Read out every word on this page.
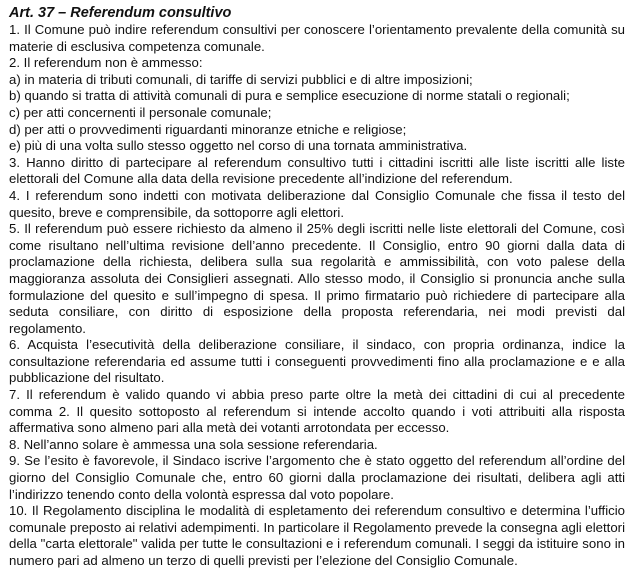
Art. 37 – Referendum consultivo

1. Il Comune può indire referendum consultivi per conoscere l’orientamento prevalente della comunità su materie di esclusiva competenza comunale.

2. Il referendum non è ammesso:

a) in materia di tributi comunali, di tariffe di servizi pubblici e di altre imposizioni;

b) quando si tratta di attività comunali di pura e semplice esecuzione di norme statali o regionali;

c) per atti concernenti il personale comunale;

d) per atti o provvedimenti riguardanti minoranze etniche e religiose;

e) più di una volta sullo stesso oggetto nel corso di una tornata amministrativa.

3. Hanno diritto di partecipare al referendum consultivo tutti i cittadini iscritti alle liste iscritti alle liste elettorali del Comune alla data della revisione precedente all’indizione del referendum.

4. I referendum sono indetti con motivata deliberazione dal Consiglio Comunale che fissa il testo del quesito, breve e comprensibile, da sottoporre agli elettori.

5. Il referendum può essere richiesto da almeno il 25% degli iscritti nelle liste elettorali del Comune, così come risultano nell’ultima revisione dell’anno precedente. Il Consiglio, entro 90 giorni dalla data di proclamazione della richiesta, delibera sulla sua regolarità e ammissibilità, con voto palese della maggioranza assoluta dei Consiglieri assegnati. Allo stesso modo, il Consiglio si pronuncia anche sulla formulazione del quesito e sull’impegno di spesa. Il primo firmatario può richiedere di partecipare alla seduta consiliare, con diritto di esposizione della proposta referendaria, nei modi previsti dal regolamento.

6. Acquista l’esecutività della deliberazione consiliare, il sindaco, con propria ordinanza, indice la consultazione referendaria ed assume tutti i conseguenti provvedimenti fino alla proclamazione e e alla pubblicazione del risultato.

7. Il referendum è valido quando vi abbia preso parte oltre la metà dei cittadini di cui al precedente comma 2. Il quesito sottoposto al referendum si intende accolto quando i voti attribuiti alla risposta affermativa sono almeno pari alla metà dei votanti arrotondata per eccesso.

8. Nell’anno solare è ammessa una sola sessione referendaria.

9. Se l’esito è favorevole, il Sindaco iscrive l’argomento che è stato oggetto del referendum all’ordine del giorno del Consiglio Comunale che, entro 60 giorni dalla proclamazione dei risultati, delibera agli atti l’indirizzo tenendo conto della volontà espressa dal voto popolare.

10. Il Regolamento disciplina le modalità di espletamento dei referendum consultivo e determina l’ufficio comunale preposto ai relativi adempimenti. In particolare il Regolamento prevede la consegna agli elettori della "carta elettorale" valida per tutte le consultazioni e i referendum comunali. I seggi da istituire sono in numero pari ad almeno un terzo di quelli previsti per l’elezione del Consiglio Comunale.
